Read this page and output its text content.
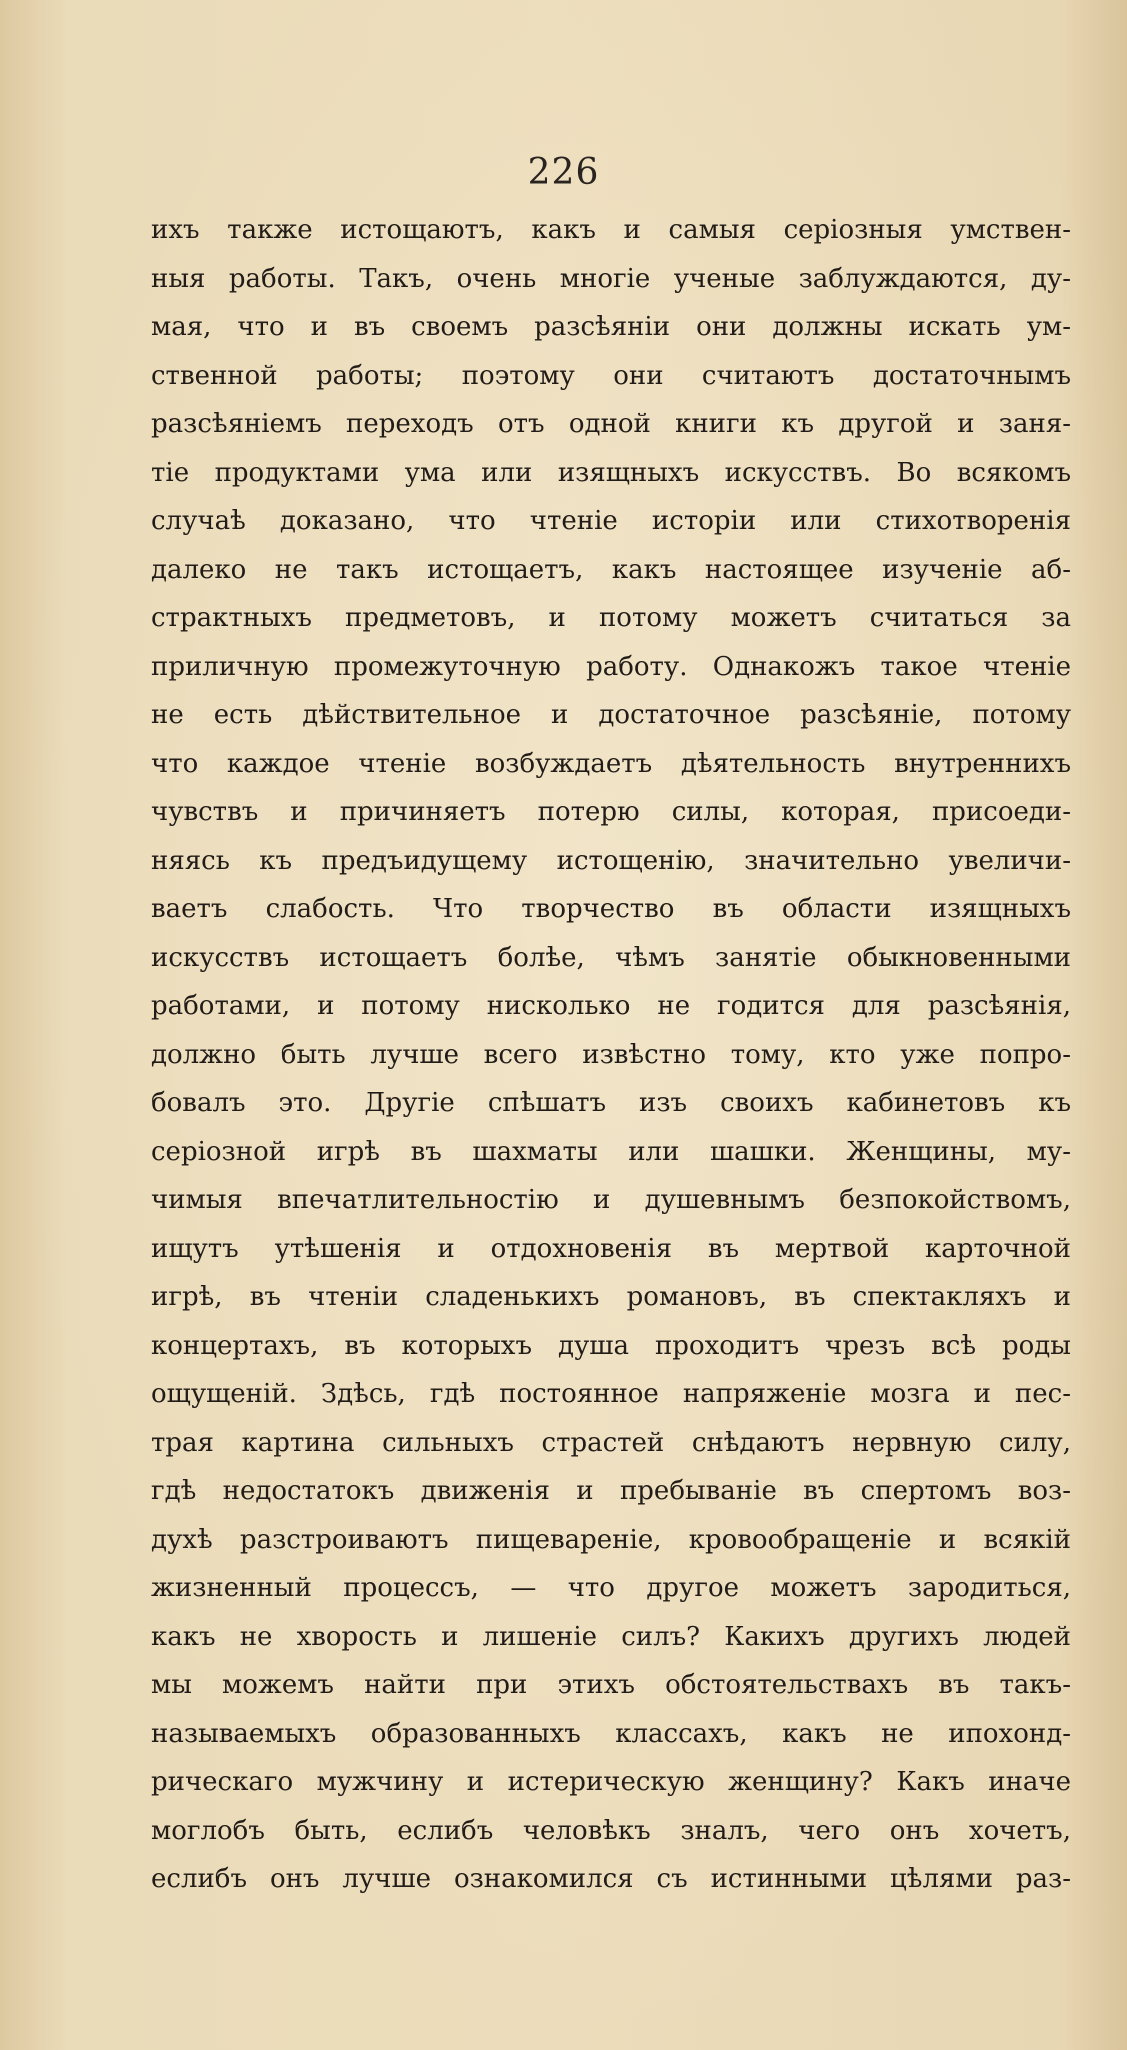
226
ихъ также истощаютъ, какъ и самыя серіозныя умствен-
ныя работы. Такъ, очень многіе ученые заблуждаются, ду-
мая, что и въ своемъ разсѣяніи они должны искать ум-
ственной работы; поэтому они считаютъ достаточнымъ
разсѣяніемъ переходъ отъ одной книги къ другой и заня-
тіе продуктами ума или изящныхъ искусствъ. Во всякомъ
случаѣ доказано, что чтеніе исторіи или стихотворенія
далеко не такъ истощаетъ, какъ настоящее изученіе аб-
страктныхъ предметовъ, и потому можетъ считаться за
приличную промежуточную работу. Однакожъ такое чтеніе
не есть дѣйствительное и достаточное разсѣяніе, потому
что каждое чтеніе возбуждаетъ дѣятельность внутреннихъ
чувствъ и причиняетъ потерю силы, которая, присоеди-
няясь къ предъидущему истощенію, значительно увеличи-
ваетъ слабость. Что творчество въ области изящныхъ
искусствъ истощаетъ болѣе, чѣмъ занятіе обыкновенными
работами, и потому нисколько не годится для разсѣянія,
должно быть лучше всего извѣстно тому, кто уже попро-
бовалъ это. Другіе спѣшатъ изъ своихъ кабинетовъ къ
серіозной игрѣ въ шахматы или шашки. Женщины, му-
чимыя впечатлительностію и душевнымъ безпокойствомъ,
ищутъ утѣшенія и отдохновенія въ мертвой карточной
игрѣ, въ чтеніи сладенькихъ романовъ, въ спектакляхъ и
концертахъ, въ которыхъ душа проходитъ чрезъ всѣ роды
ощущеній. Здѣсь, гдѣ постоянное напряженіе мозга и пес-
трая картина сильныхъ страстей снѣдаютъ нервную силу,
гдѣ недостатокъ движенія и пребываніе въ спертомъ воз-
духѣ разстроиваютъ пищевареніе, кровообращеніе и всякій
жизненный процессъ, — что другое можетъ зародиться,
какъ не хворость и лишеніе силъ? Какихъ другихъ людей
мы можемъ найти при этихъ обстоятельствахъ въ такъ-
называемыхъ образованныхъ классахъ, какъ не ипохонд-
рическаго мужчину и истерическую женщину? Какъ иначе
моглобъ быть, еслибъ человѣкъ зналъ, чего онъ хочетъ,
еслибъ онъ лучше ознакомился съ истинными цѣлями раз-
